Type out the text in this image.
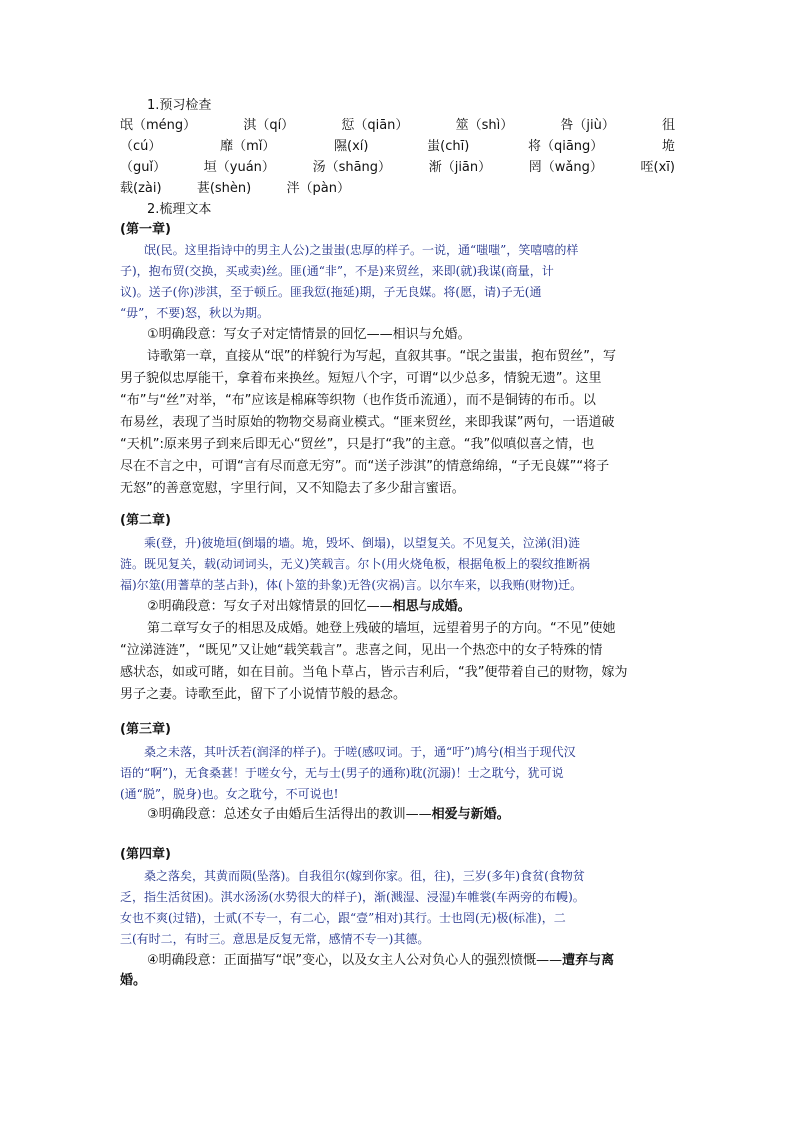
1.预习检查
氓（méng）	淇（qí）	愆（qiān）	筮（shì）	咎（jiù）	徂
（cú）	靡（mǐ）	隰(xí)	蚩(chī)	将（qiāng）	垝
（guǐ）	垣（yuán）	汤（shāng）	渐（jiān）	罔（wǎng）	咥(xī)
载(zài)	葚(shèn)	泮（pàn）
2.梳理文本
(第一章)
氓(民。这里指诗中的男主人公)之蚩蚩(忠厚的样子。一说，通“嗤嗤”，笑嘻嘻的样
子)，抱布贸(交换，买或卖)丝。匪(通“非”，不是)来贸丝，来即(就)我谋(商量，计
议)。送子(你)涉淇，至于顿丘。匪我愆(拖延)期，子无良媒。将(愿，请)子无(通
“毋”，不要)怒，秋以为期。
①明确段意：写女子对定情情景的回忆——相识与允婚。
诗歌第一章，直接从“氓”的样貌行为写起，直叙其事。“氓之蚩蚩，抱布贸丝”，写
男子貌似忠厚能干，拿着布来换丝。短短八个字，可谓“以少总多，情貌无遗”。这里
“布”与“丝”对举，“布”应该是棉麻等织物（也作货币流通），而不是铜铸的布币。以
布易丝，表现了当时原始的物物交易商业模式。“匪来贸丝，来即我谋”两句，一语道破
“天机”:原来男子到来后即无心“贸丝”，只是打“我”的主意。“我”似嗔似喜之情，也
尽在不言之中，可谓“言有尽而意无穷”。而“送子涉淇”的情意绵绵，“子无良媒”“将子
无怒”的善意宽慰，字里行间，又不知隐去了多少甜言蜜语。
(第二章)
乘(登，升)彼垝垣(倒塌的墙。垝，毁坏、倒塌)，以望复关。不见复关，泣涕(泪)涟
涟。既见复关，载(动词词头，无义)笑载言。尔卜(用火烧龟板，根据龟板上的裂纹推断祸
福)尔筮(用蓍草的茎占卦)，体(卜筮的卦象)无咎(灾祸)言。以尔车来，以我贿(财物)迁。
②明确段意：写女子对出嫁情景的回忆——相思与成婚。
第二章写女子的相思及成婚。她登上残破的墙垣，远望着男子的方向。“不见”使她
“泣涕涟涟”，“既见”又让她“载笑载言”。悲喜之间，见出一个热恋中的女子特殊的情
感状态，如或可睹，如在目前。当龟卜草占，皆示吉利后，“我”便带着自己的财物，嫁为
男子之妻。诗歌至此，留下了小说情节般的悬念。
(第三章)
桑之未落，其叶沃若(润泽的样子)。于嗟(感叹词。于，通“吁”)鸠兮(相当于现代汉
语的“啊”)，无食桑葚！于嗟女兮，无与士(男子的通称)耽(沉溺)！士之耽兮，犹可说
(通“脱”，脱身)也。女之耽兮，不可说也!
③明确段意：总述女子由婚后生活得出的教训——相爱与新婚。
(第四章)
桑之落矣，其黄而陨(坠落)。自我徂尔(嫁到你家。徂，往)，三岁(多年)食贫(食物贫
乏，指生活贫困)。淇水汤汤(水势很大的样子)，渐(溅湿、浸湿)车帷裳(车两旁的布幔)。
女也不爽(过错)，士贰(不专一，有二心，跟“壹”相对)其行。士也罔(无)极(标准)，二
三(有时二，有时三。意思是反复无常，感情不专一)其德。
④明确段意：正面描写“氓”变心，以及女主人公对负心人的强烈愤慨——遭弃与离
婚。
